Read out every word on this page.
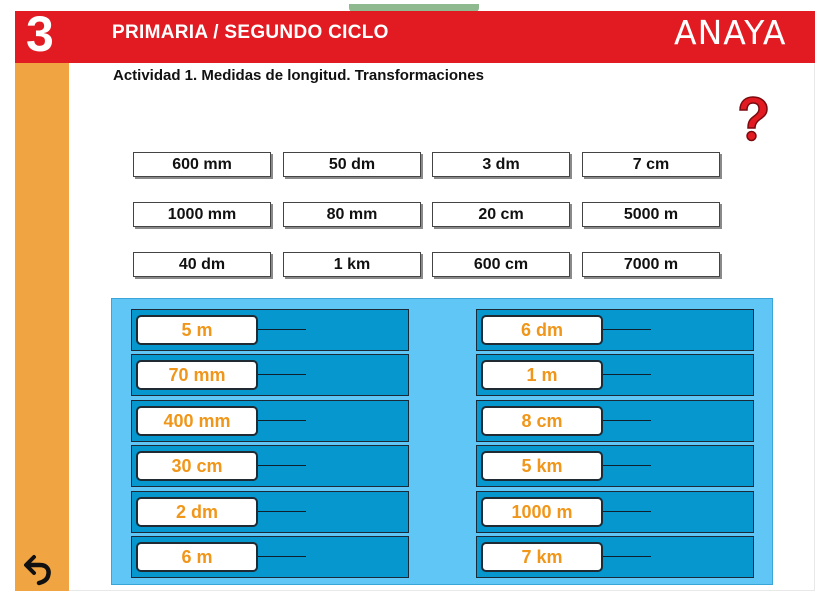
3	PRIMARIA / SEGUNDO CICLO	ANAYA
Actividad 1. Medidas de longitud. Transformaciones
600 mm	50 dm	3 dm	7 cm
1000 mm	80 mm	20 cm	5000 m
40 dm	1 km	600 cm	7000 m
5 m
70 mm
400 mm
30 cm
2 dm
6 m
6 dm
1 m
8 cm
5 km
1000 m
7 km
